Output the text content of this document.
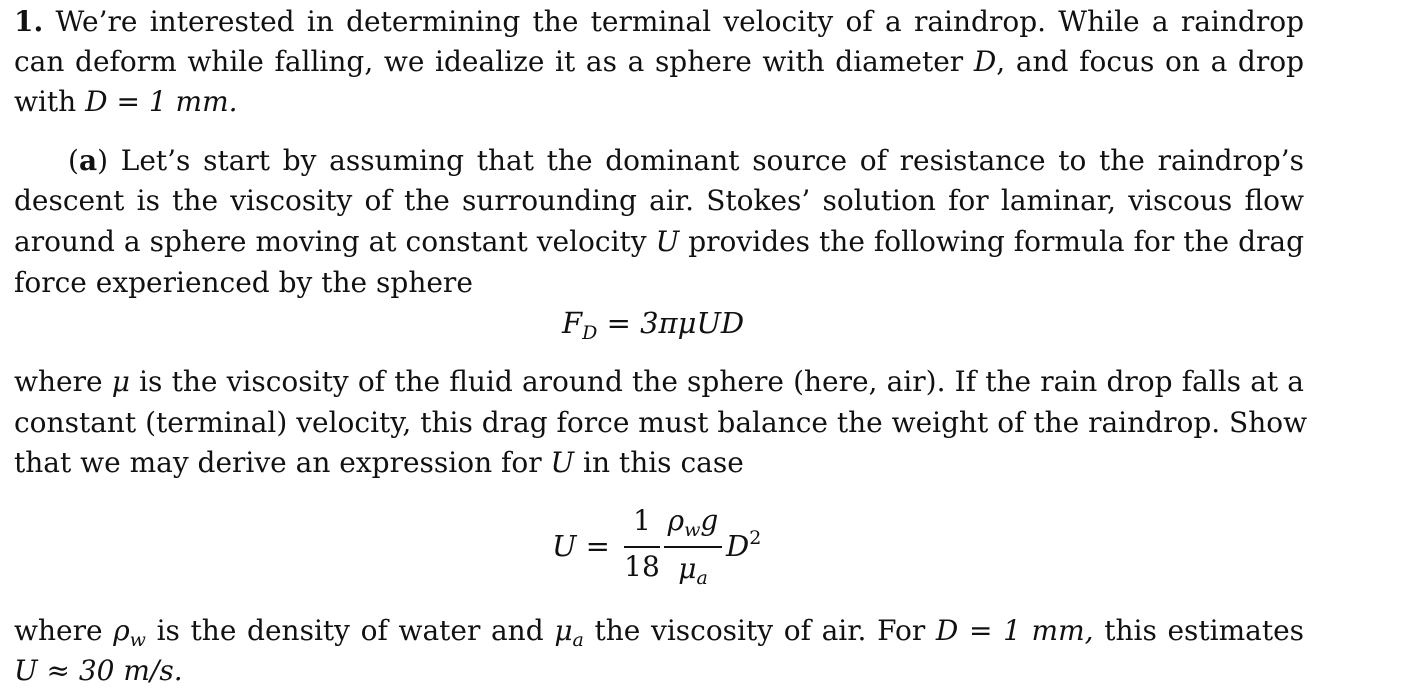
1. We’re interested in determining the terminal velocity of a raindrop. While a raindrop
can deform while falling, we idealize it as a sphere with diameter D, and focus on a drop
with D = 1 mm.
(a) Let’s start by assuming that the dominant source of resistance to the raindrop’s
descent is the viscosity of the surrounding air. Stokes’ solution for laminar, viscous flow
around a sphere moving at constant velocity U provides the following formula for the drag
force experienced by the sphere
$F_D = 3\pi\mu UD$
where μ is the viscosity of the fluid around the sphere (here, air). If the rain drop falls at a
constant (terminal) velocity, this drag force must balance the weight of the raindrop. Show
that we may derive an expression for U in this case
U =
1
18
$\rho_wg$
$\mu_a$
$D^2$
where $\rho_w$ is the density of water and $\mu_a$ the viscosity of air. For D = 1 mm, this estimates
U ≈ 30 m/s.
